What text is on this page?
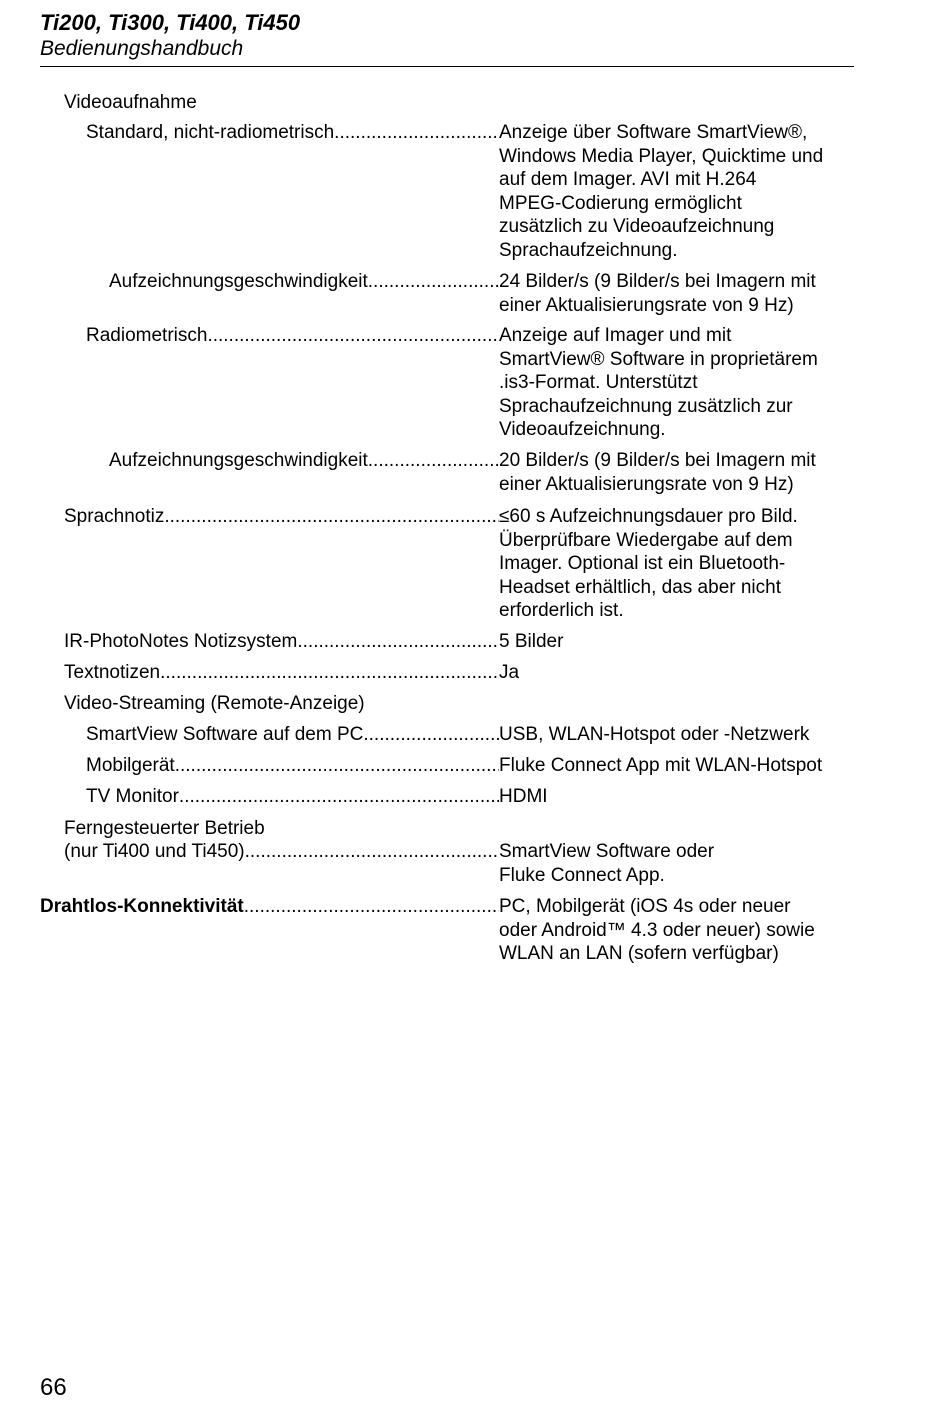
Ti200, Ti300, Ti400, Ti450
Bedienungshandbuch
Videoaufnahme
Standard, nicht-radiometrisch .....	Anzeige über Software SmartView®,
Windows Media Player, Quicktime und
auf dem Imager. AVI mit H.264
MPEG-Codierung ermöglicht
zusätzlich zu Videoaufzeichnung
Sprachaufzeichnung.
Aufzeichnungsgeschwindigkeit .....	24 Bilder/s (9 Bilder/s bei Imagern mit
einer Aktualisierungsrate von 9 Hz)
Radiometrisch .....	Anzeige auf Imager und mit
SmartView® Software in proprietärem
.is3-Format. Unterstützt
Sprachaufzeichnung zusätzlich zur
Videoaufzeichnung.
Aufzeichnungsgeschwindigkeit .....	20 Bilder/s (9 Bilder/s bei Imagern mit
einer Aktualisierungsrate von 9 Hz)
Sprachnotiz .....	≤60 s Aufzeichnungsdauer pro Bild.
Überprüfbare Wiedergabe auf dem
Imager. Optional ist ein Bluetooth-
Headset erhältlich, das aber nicht
erforderlich ist.
IR-PhotoNotes Notizsystem .....	5 Bilder
Textnotizen .....	Ja
Video-Streaming (Remote-Anzeige)
SmartView Software auf dem PC .....	USB, WLAN-Hotspot oder -Netzwerk
Mobilgerät .....	Fluke Connect App mit WLAN-Hotspot
TV Monitor .....	HDMI
Ferngesteuerter Betrieb
(nur Ti400 und Ti450) .....	SmartView Software oder
Fluke Connect App.
Drahtlos-Konnektivität .....	PC, Mobilgerät (iOS 4s oder neuer
oder Android™ 4.3 oder neuer) sowie
WLAN an LAN (sofern verfügbar)
66
